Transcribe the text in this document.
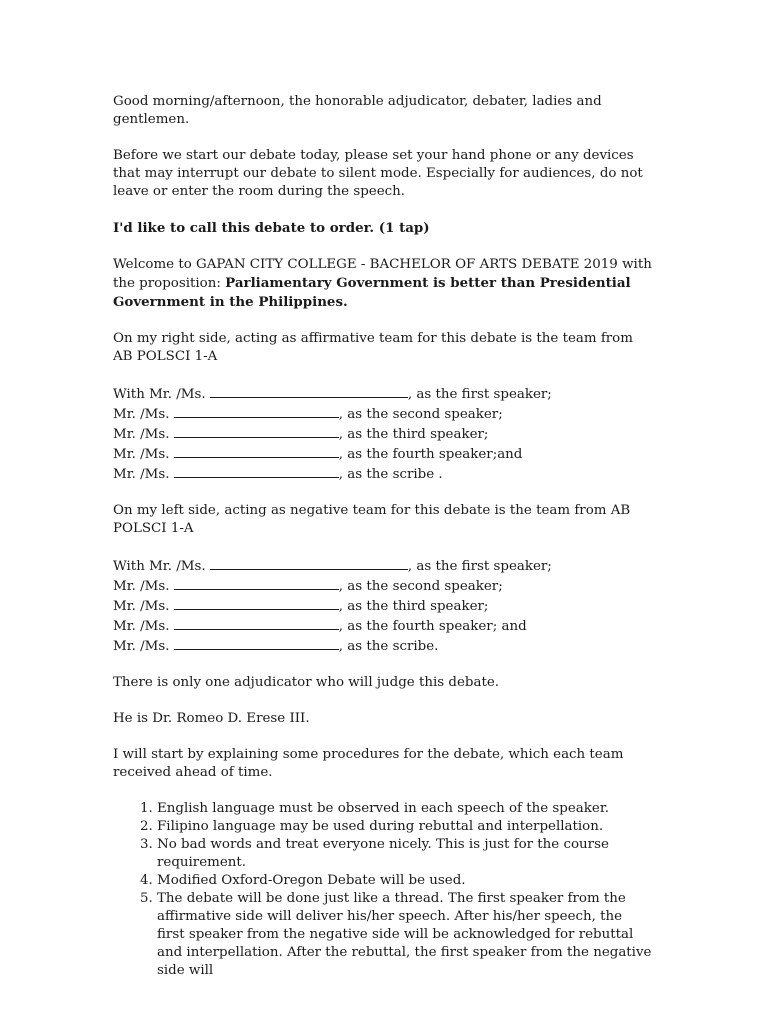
Good morning/afternoon, the honorable adjudicator, debater, ladies and gentlemen.

Before we start our debate today, please set your hand phone or any devices that may interrupt our debate to silent mode. Especially for audiences, do not leave or enter the room during the speech.

I'd like to call this debate to order. (1 tap)

Welcome to GAPAN CITY COLLEGE - BACHELOR OF ARTS DEBATE 2019 with the proposition: Parliamentary Government is better than Presidential Government in the Philippines.

On my right side, acting as affirmative team for this debate is the team from AB POLSCI 1-A

With Mr. /Ms.	, as the first speaker;

Mr. /Ms.	, as the second speaker;

Mr. /Ms.	, as the third speaker;

Mr. /Ms.	, as the fourth speaker;and

Mr. /Ms.	, as the scribe .

On my left side, acting as negative team for this debate is the team from AB POLSCI 1-A

With Mr. /Ms.	, as the first speaker;

Mr. /Ms.	, as the second speaker;

Mr. /Ms.	, as the third speaker;

Mr. /Ms.	, as the fourth speaker; and

Mr. /Ms.	, as the scribe.

There is only one adjudicator who will judge this debate.

He is Dr. Romeo D. Erese III.

I will start by explaining some procedures for the debate, which each team received ahead of time.

1. English language must be observed in each speech of the speaker.
2. Filipino language may be used during rebuttal and interpellation.
3. No bad words and treat everyone nicely. This is just for the course requirement.
4. Modified Oxford-Oregon Debate will be used.
5. The debate will be done just like a thread. The first speaker from the affirmative side will deliver his/her speech. After his/her speech, the first speaker from the negative side will be acknowledged for rebuttal and interpellation. After the rebuttal, the first speaker from the negative side will
